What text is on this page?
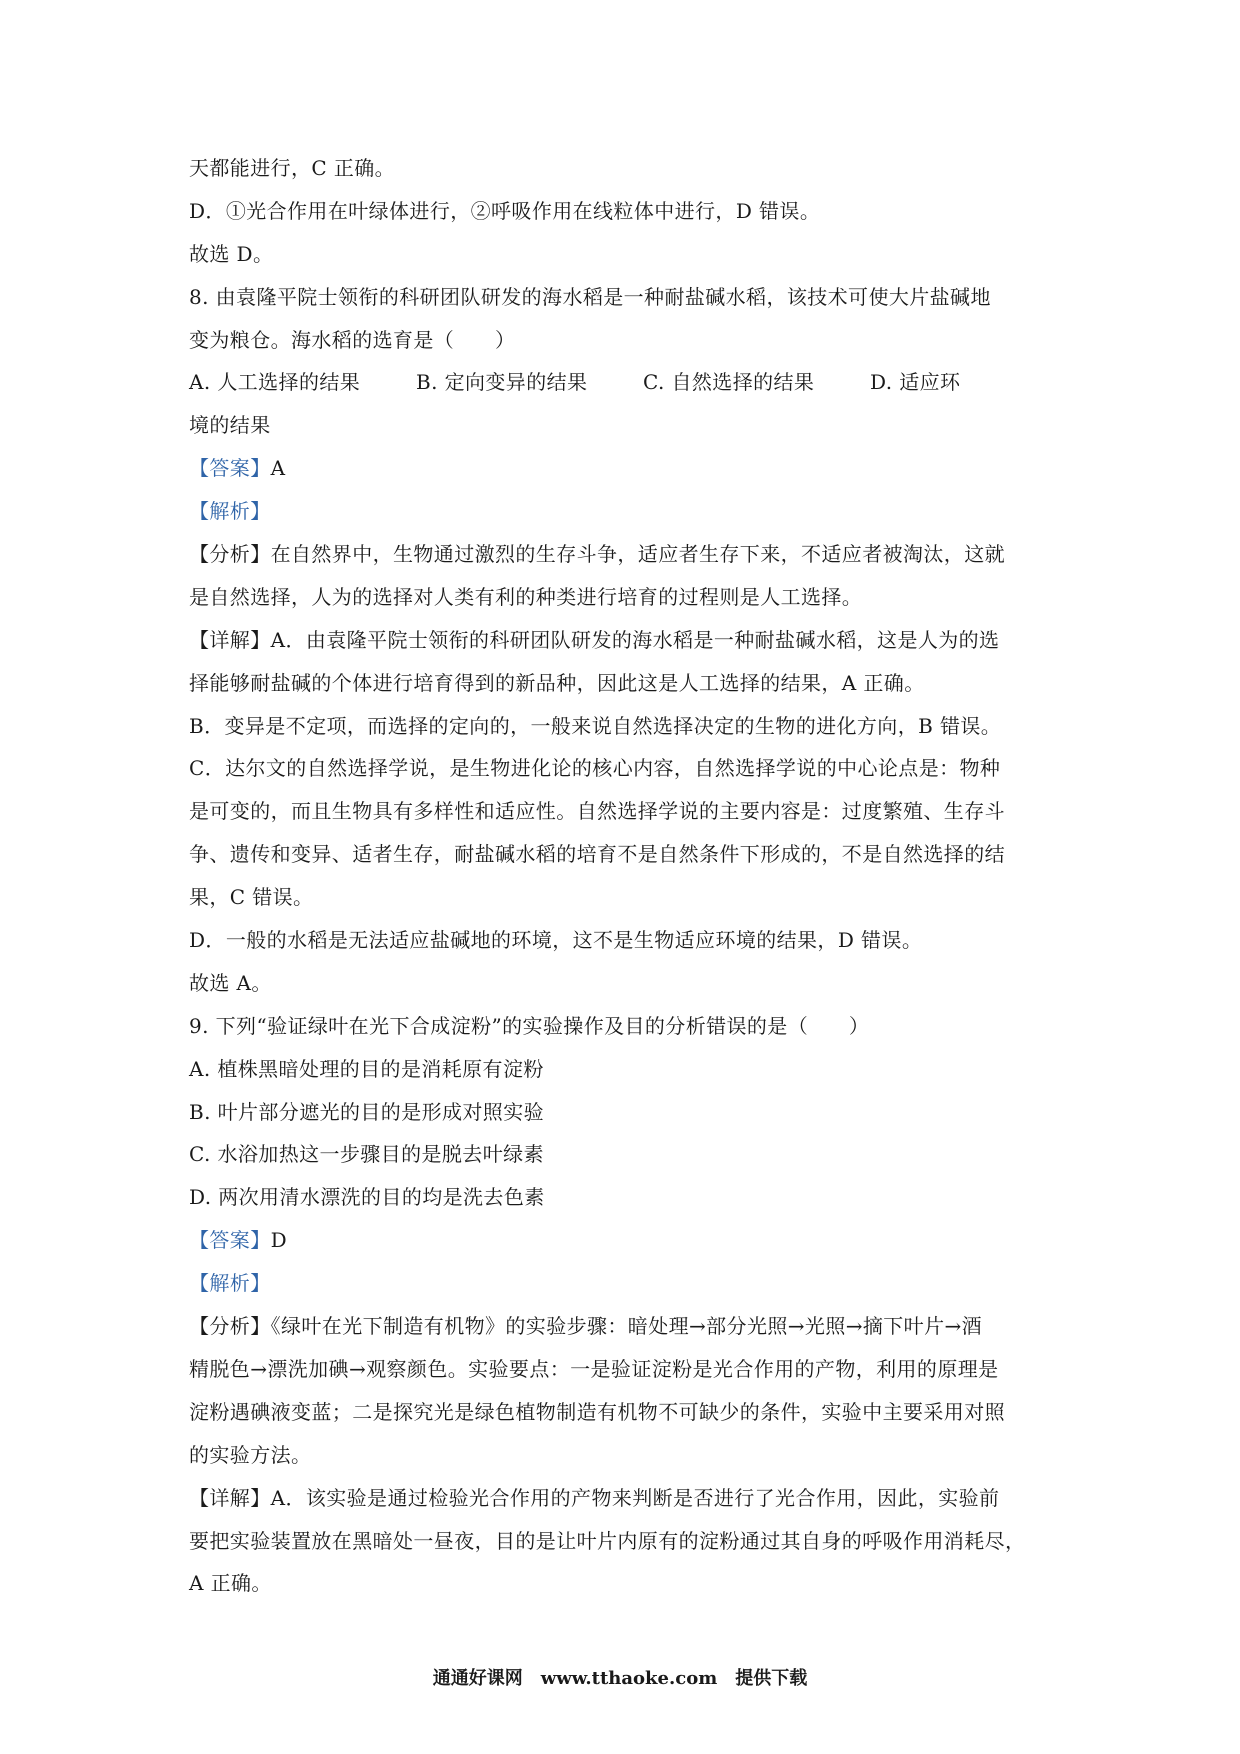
天都能进行，C 正确。
D．①光合作用在叶绿体进行，②呼吸作用在线粒体中进行，D 错误。
故选 D。
8. 由袁隆平院士领衔的科研团队研发的海水稻是一种耐盐碱水稻，该技术可使大片盐碱地
变为粮仓。海水稻的选育是（　　）
A. 人工选择的结果	B. 定向变异的结果	C. 自然选择的结果	D. 适应环
境的结果
【答案】A
【解析】
【分析】在自然界中，生物通过激烈的生存斗争，适应者生存下来，不适应者被淘汰，这就
是自然选择，人为的选择对人类有利的种类进行培育的过程则是人工选择。
【详解】A．由袁隆平院士领衔的科研团队研发的海水稻是一种耐盐碱水稻，这是人为的选
择能够耐盐碱的个体进行培育得到的新品种，因此这是人工选择的结果，A 正确。
B．变异是不定项，而选择的定向的，一般来说自然选择决定的生物的进化方向，B 错误。
C．达尔文的自然选择学说，是生物进化论的核心内容，自然选择学说的中心论点是：物种
是可变的，而且生物具有多样性和适应性。自然选择学说的主要内容是：过度繁殖、生存斗
争、遗传和变异、适者生存，耐盐碱水稻的培育不是自然条件下形成的，不是自然选择的结
果，C 错误。
D．一般的水稻是无法适应盐碱地的环境，这不是生物适应环境的结果，D 错误。
故选 A。
9. 下列“验证绿叶在光下合成淀粉”的实验操作及目的分析错误的是（　　）
A. 植株黑暗处理的目的是消耗原有淀粉
B. 叶片部分遮光的目的是形成对照实验
C. 水浴加热这一步骤目的是脱去叶绿素
D. 两次用清水漂洗的目的均是洗去色素
【答案】D
【解析】
【分析】《绿叶在光下制造有机物》的实验步骤：暗处理→部分光照→光照→摘下叶片→酒
精脱色→漂洗加碘→观察颜色。实验要点：一是验证淀粉是光合作用的产物，利用的原理是
淀粉遇碘液变蓝；二是探究光是绿色植物制造有机物不可缺少的条件，实验中主要采用对照
的实验方法。
【详解】A．该实验是通过检验光合作用的产物来判断是否进行了光合作用，因此，实验前
要把实验装置放在黑暗处一昼夜，目的是让叶片内原有的淀粉通过其自身的呼吸作用消耗尽，
A 正确。
通通好课网　www.tthaoke.com　提供下载
